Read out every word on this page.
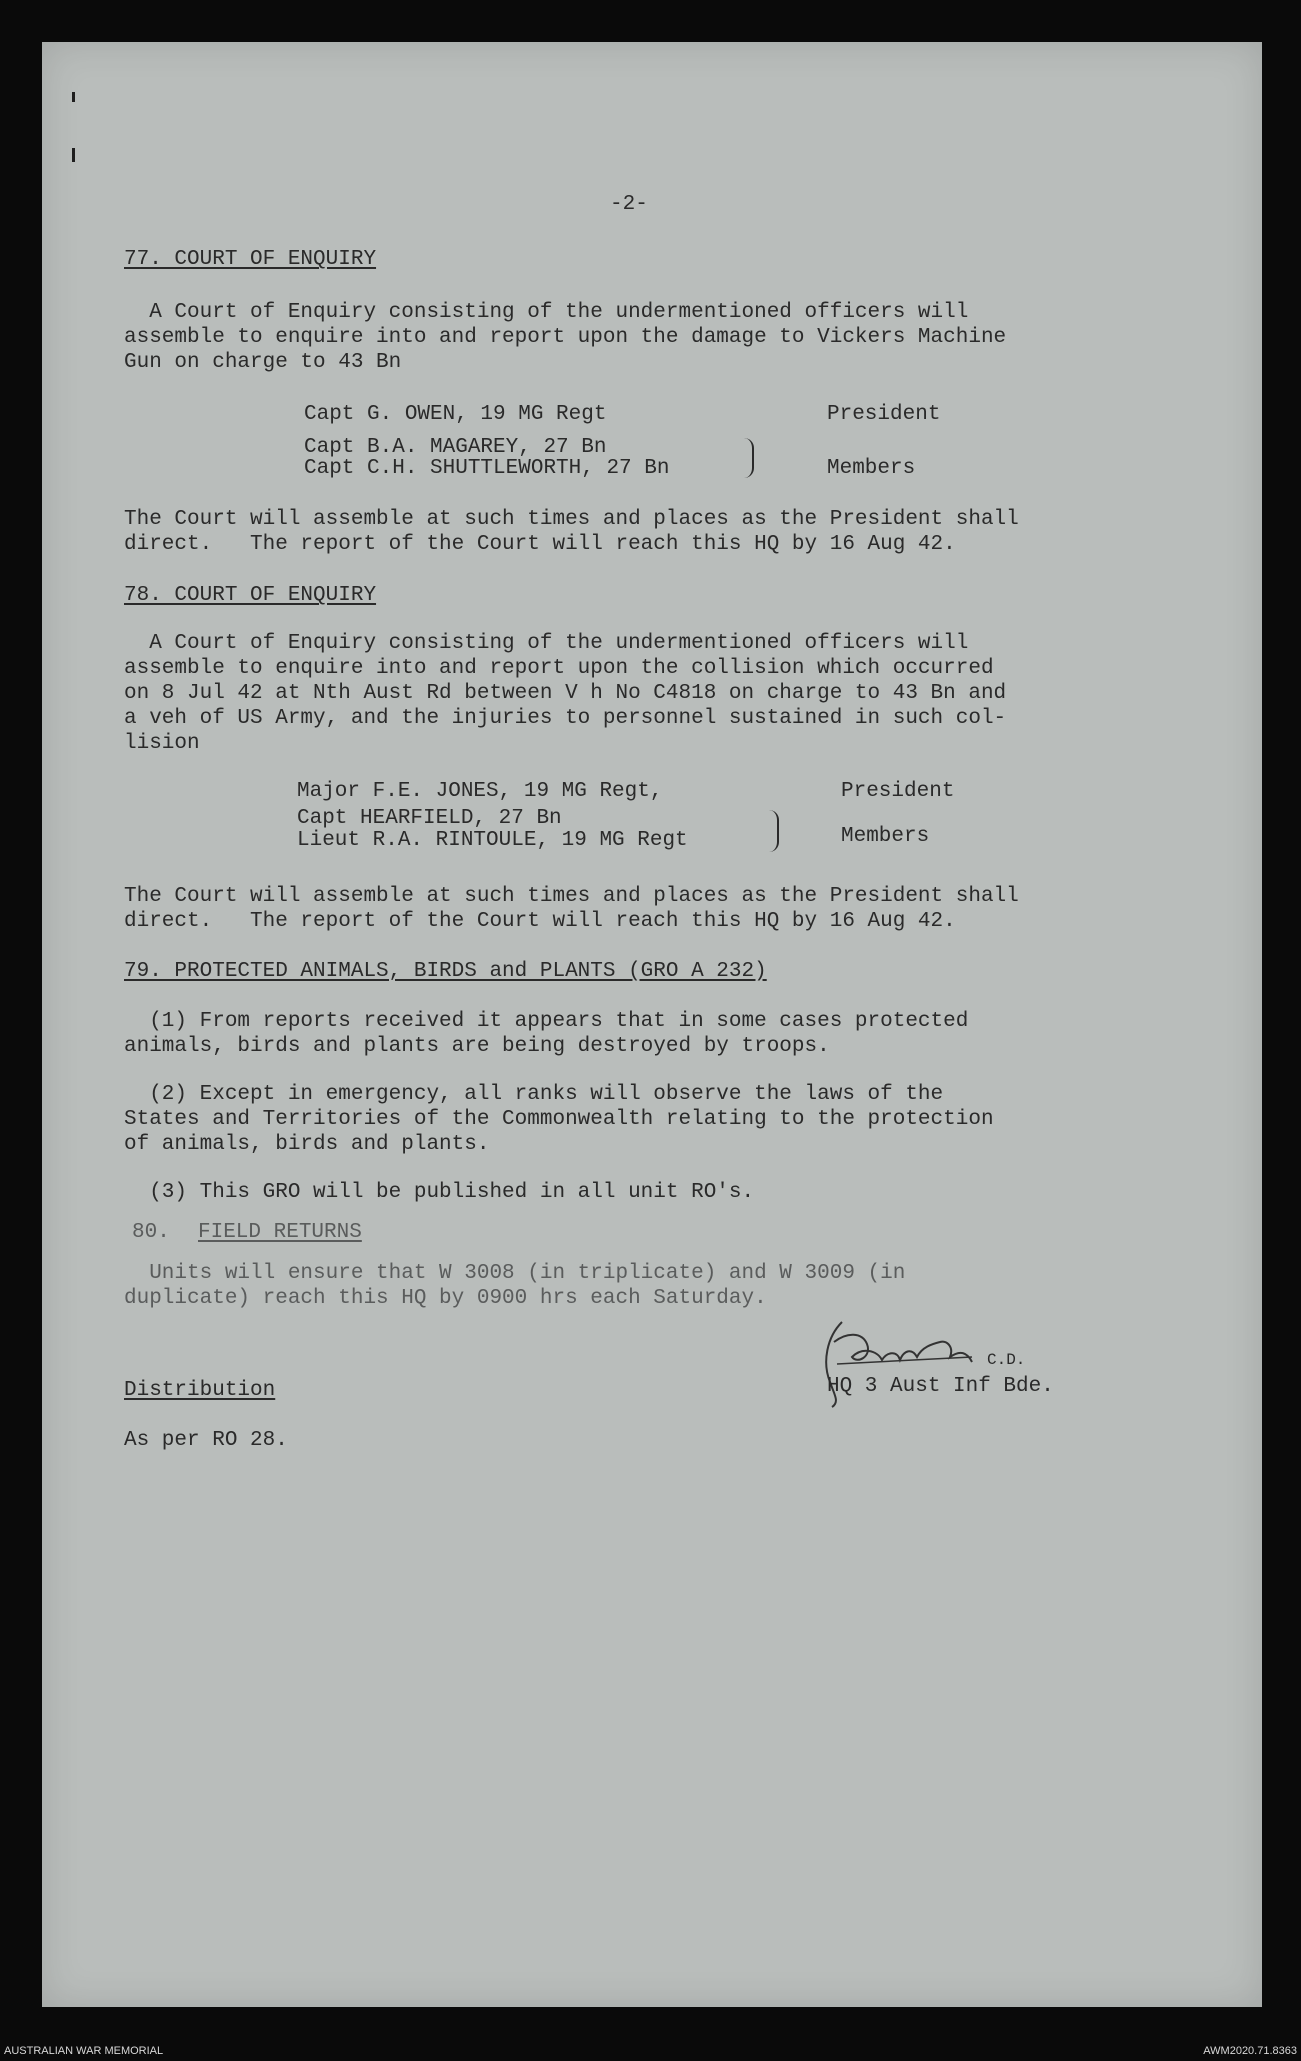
-2-

77. COURT OF ENQUIRY

A Court of Enquiry consisting of the undermentioned officers will

assemble to enquire into and report upon the damage to Vickers Machine

Gun on charge to 43 Bn

Capt G. OWEN, 19 MG Regt	President

Capt B.A. MAGAREY, 27 Bn

Capt C.H. SHUTTLEWORTH, 27 Bn	Members

The Court will assemble at such times and places as the President shall

direct.   The report of the Court will reach this HQ by 16 Aug 42.

78. COURT OF ENQUIRY

A Court of Enquiry consisting of the undermentioned officers will

assemble to enquire into and report upon the collision which occurred

on 8 Jul 42 at Nth Aust Rd between V h No C4818 on charge to 43 Bn and

a veh of US Army, and the injuries to personnel sustained in such col-

lision

Major F.E. JONES, 19 MG Regt,	President

Capt HEARFIELD, 27 Bn

Lieut R.A. RINTOULE, 19 MG Regt	Members

The Court will assemble at such times and places as the President shall

direct.   The report of the Court will reach this HQ by 16 Aug 42.

79. PROTECTED ANIMALS, BIRDS and PLANTS (GRO A 232)

(1) From reports received it appears that in some cases protected

animals, birds and plants are being destroyed by troops.

(2) Except in emergency, all ranks will observe the laws of the

States and Territories of the Commonwealth relating to the protection

of animals, birds and plants.

(3) This GRO will be published in all unit RO's.

80. FIELD RETURNS

Units will ensure that W 3008 (in triplicate) and W 3009 (in

duplicate) reach this HQ by 0900 hrs each Saturday.

C.D.

HQ 3 Aust Inf Bde.

Distribution

As per RO 28.

AUSTRALIAN WAR MEMORIAL	AWM2020.71.8363
